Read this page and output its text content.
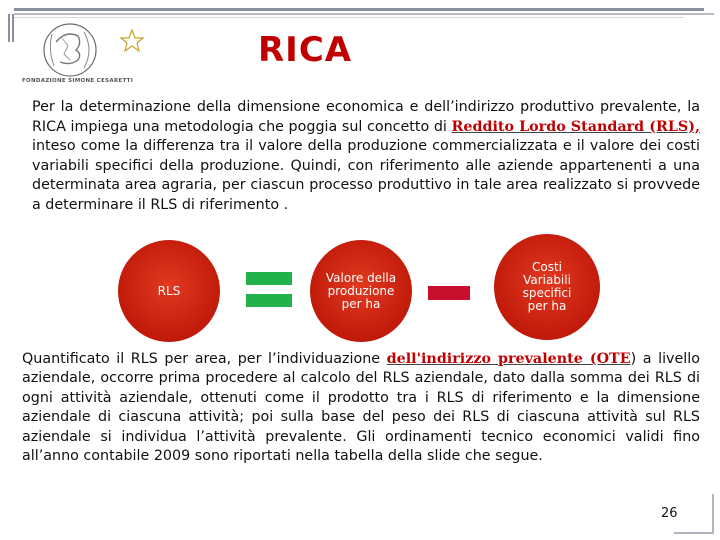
FONDAZIONE SIMONE CESARETTI
RICA
Per la determinazione della dimensione economica e dell’indirizzo produttivo prevalente, la RICA impiega una metodologia che poggia sul concetto di Reddito Lordo Standard (RLS), inteso come la differenza tra il valore della produzione commercializzata e il valore dei costi variabili specifici della produzione. Quindi, con riferimento alle aziende appartenenti a una determinata area agraria, per ciascun processo produttivo in tale area realizzato si provvede a determinare il RLS di riferimento .
RLS
Valore della produzione per ha
Costi Variabili specifici per ha
Quantificato il RLS per area, per l’individuazione dell'indirizzo prevalente (OTE) a livello aziendale, occorre prima procedere al calcolo del RLS aziendale, dato dalla somma dei RLS di ogni attività aziendale, ottenuti come il prodotto tra i RLS di riferimento e la dimensione aziendale di ciascuna attività; poi sulla base del peso dei RLS di ciascuna attività sul RLS aziendale si individua l’attività prevalente. Gli ordinamenti tecnico economici validi fino all’anno contabile 2009 sono riportati nella tabella della slide che segue.
26
